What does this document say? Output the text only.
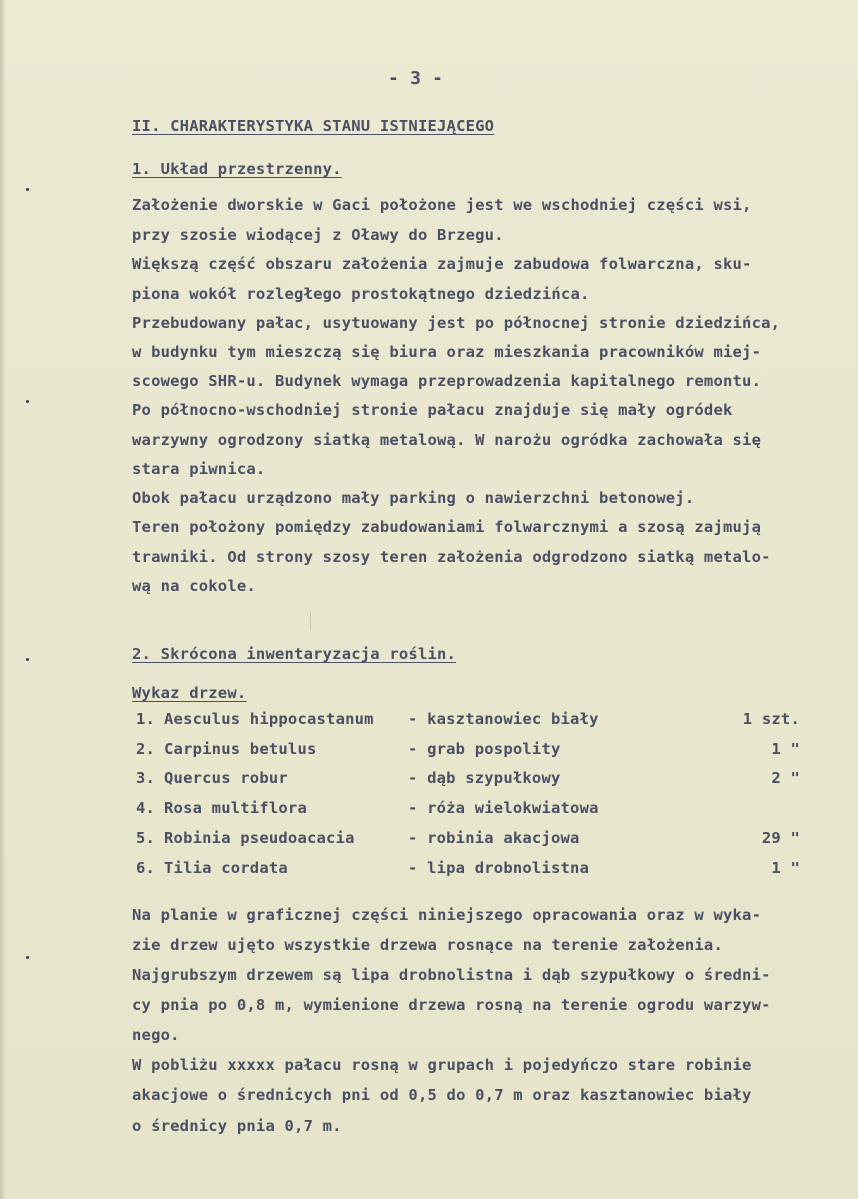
- 3 -
II. CHARAKTERYSTYKA STANU ISTNIEJĄCEGO
1. Układ przestrzenny.
Założenie dworskie w Gaci położone jest we wschodniej części wsi,
przy szosie wiodącej z Oławy do Brzegu.
Większą część obszaru założenia zajmuje zabudowa folwarczna, sku-
piona wokół rozległego prostokątnego dziedzińca.
Przebudowany pałac, usytuowany jest po północnej stronie dziedzińca,
w budynku tym mieszczą się biura oraz mieszkania pracowników miej-
scowego SHR-u. Budynek wymaga przeprowadzenia kapitalnego remontu.
Po północno-wschodniej stronie pałacu znajduje się mały ogródek
warzywny ogrodzony siatką metalową. W narożu ogródka zachowała się
stara piwnica.
Obok pałacu urządzono mały parking o nawierzchni betonowej.
Teren położony pomiędzy zabudowaniami folwarcznymi a szosą zajmują
trawniki. Od strony szosy teren założenia odgrodzono siatką metalo-
wą na cokole.
2. Skrócona inwentaryzacja roślin.
Wykaz drzew.
1. Aesculus hippocastanum - kasztanowiec biały	1 szt.
2. Carpinus betulus	- grab pospolity	1 "
3. Quercus robur	- dąb szypułkowy	2 "
4. Rosa multiflora	- róża wielokwiatowa
5. Robinia pseudoacacia	- robinia akacjowa	29 "
6. Tilia cordata	- lipa drobnolistna	1 "
Na planie w graficznej części niniejszego opracowania oraz w wyka-
zie drzew ujęto wszystkie drzewa rosnące na terenie założenia.
Najgrubszym drzewem są lipa drobnolistna i dąb szypułkowy o średni-
cy pnia po 0,8 m, wymienione drzewa rosną na terenie ogrodu warzyw-
nego.
W pobliżu xxxxx pałacu rosną w grupach i pojedyńczo stare robinie
akacjowe o średnicych pni od 0,5 do 0,7 m oraz kasztanowiec biały
o średnicy pnia 0,7 m.
